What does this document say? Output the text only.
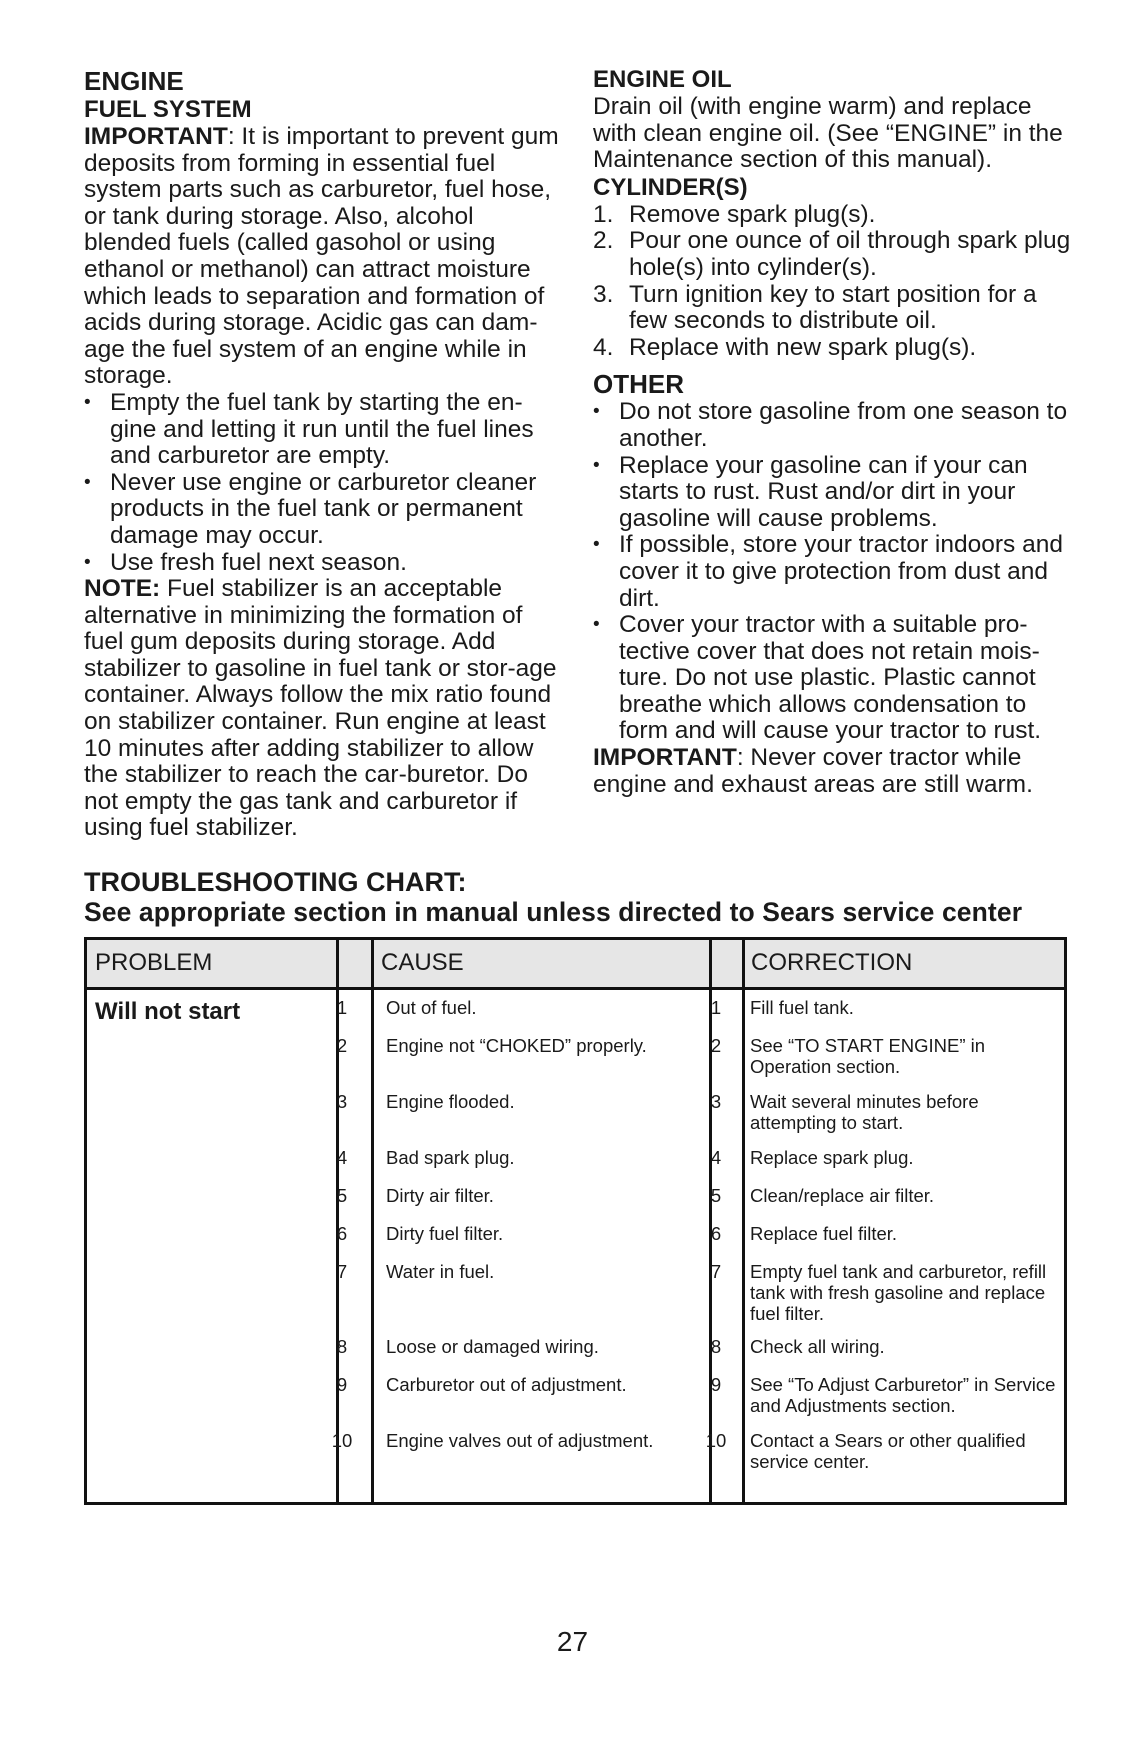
ENGINE
FUEL SYSTEM

IMPORTANT: It is important to prevent gum deposits from forming in essential fuel system parts such as carburetor, fuel hose, or tank during storage. Also, alcohol blended fuels (called gasohol or using ethanol or methanol) can attract moisture which leads to separation and formation of acids during storage. Acidic gas can dam-age the fuel system of an engine while in storage.

• Empty the fuel tank by starting the en-gine and letting it run until the fuel lines and carburetor are empty.
• Never use engine or carburetor cleaner products in the fuel tank or permanent damage may occur.
• Use fresh fuel next season.

NOTE: Fuel stabilizer is an acceptable alternative in minimizing the formation of fuel gum deposits during storage. Add stabilizer to gasoline in fuel tank or stor-age container. Always follow the mix ratio found on stabilizer container. Run engine at least 10 minutes after adding stabilizer to allow the stabilizer to reach the car-buretor. Do not empty the gas tank and carburetor if using fuel stabilizer.

ENGINE OIL

Drain oil (with engine warm) and replace with clean engine oil. (See “ENGINE” in the Maintenance section of this manual).

CYLINDER(S)
1. Remove spark plug(s).
2. Pour one ounce of oil through spark plug hole(s) into cylinder(s).
3. Turn ignition key to start position for a few seconds to distribute oil.
4. Replace with new spark plug(s).
OTHER
• Do not store gasoline from one season to another.
• Replace your gasoline can if your can starts to rust. Rust and/or dirt in your gasoline will cause problems.
• If possible, store your tractor indoors and cover it to give protection from dust and dirt.
• Cover your tractor with a suitable pro-tective cover that does not retain mois-ture. Do not use plastic. Plastic cannot breathe which allows condensation to form and will cause your tractor to rust.

IMPORTANT: Never cover tractor while engine and exhaust areas are still warm.

TROUBLESHOOTING CHART:
See appropriate section in manual unless directed to Sears service center
PROBLEM	CAUSE	CORRECTION
Will not start	1	Out of fuel.	1	Fill fuel tank.
2	Engine not “CHOKED” properly.	2	See “TO START ENGINE” in Operation section.
3	Engine flooded.	3	Wait several minutes before attempting to start.
4	Bad spark plug.	4	Replace spark plug.
5	Dirty air filter.	5	Clean/replace air filter.
6	Dirty fuel filter.	6	Replace fuel filter.
7	Water in fuel.	7	Empty fuel tank and carburetor, refill tank with fresh gasoline and replace fuel filter.
8	Loose or damaged wiring.	8	Check all wiring.
9	Carburetor out of adjustment.	9	See “To Adjust Carburetor” in Service and Adjustments section.
10 Engine valves out of adjustment.	10	Contact a Sears or other qualified service center.
27
